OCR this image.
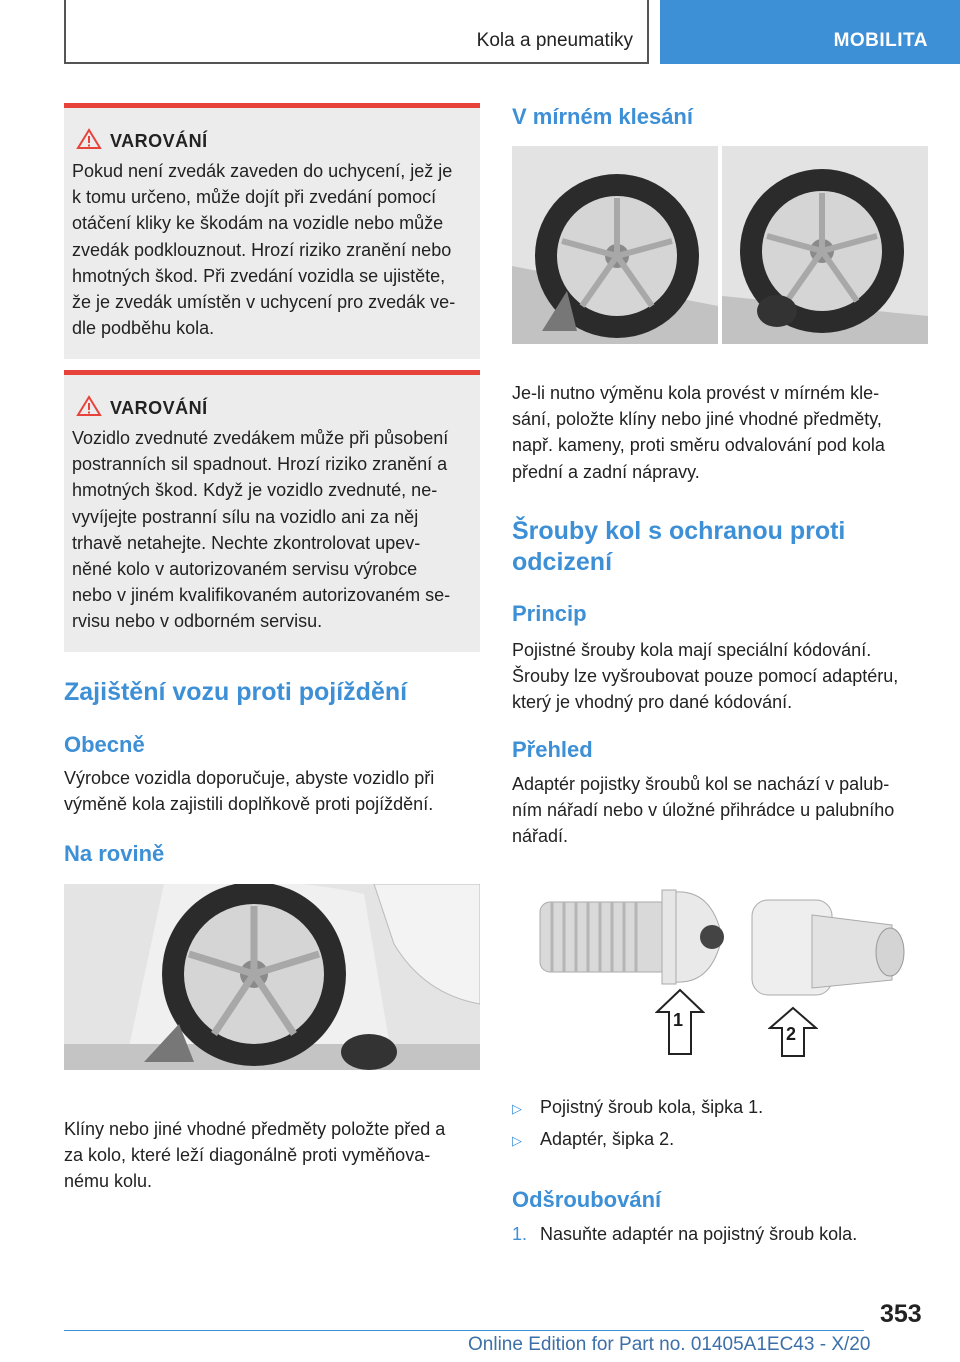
Kola a pneumatiky	MOBILITA
VAROVÁNÍ
Pokud není zvedák zaveden do uchycení, jež je
k tomu určeno, může dojít při zvedání pomocí
otáčení kliky ke škodám na vozidle nebo může
zvedák podklouznout. Hrozí riziko zranění nebo
hmotných škod. Při zvedání vozidla se ujistěte,
že je zvedák umístěn v uchycení pro zvedák ve‐
dle podběhu kola.
VAROVÁNÍ
Vozidlo zvednuté zvedákem může při působení
postranních sil spadnout. Hrozí riziko zranění a
hmotných škod. Když je vozidlo zvednuté, ne‐
vyvíjejte postranní sílu na vozidlo ani za něj
trhavě netahejte. Nechte zkontrolovat upev‐
něné kolo v autorizovaném servisu výrobce
nebo v jiném kvalifikovaném autorizovaném se‐
rvisu nebo v odborném servisu.
Zajištění vozu proti pojíždění
Obecně
Výrobce vozidla doporučuje, abyste vozidlo při
výměně kola zajistili doplňkově proti pojíždění.
Na rovině
Klíny nebo jiné vhodné předměty položte před a
za kolo, které leží diagonálně proti vyměňova‐
nému kolu.
V mírném klesání
Je-li nutno výměnu kola provést v mírném kle‐
sání, položte klíny nebo jiné vhodné předměty,
např. kameny, proti směru odvalování pod kola
přední a zadní nápravy.
Šrouby kol s ochranou proti
odcizení
Princip
Pojistné šrouby kola mají speciální kódování.
Šrouby lze vyšroubovat pouze pomocí adaptéru,
který je vhodný pro dané kódování.
Přehled
Adaptér pojistky šroubů kol se nachází v palub‐
ním nářadí nebo v úložné přihrádce u palubního
nářadí.
1
2
▷ Pojistný šroub kola, šipka 1.
▷ Adaptér, šipka 2.
Odšroubování
1. Nasuňte adaptér na pojistný šroub kola.
353
Online Edition for Part no. 01405A1EC43 - X/20
